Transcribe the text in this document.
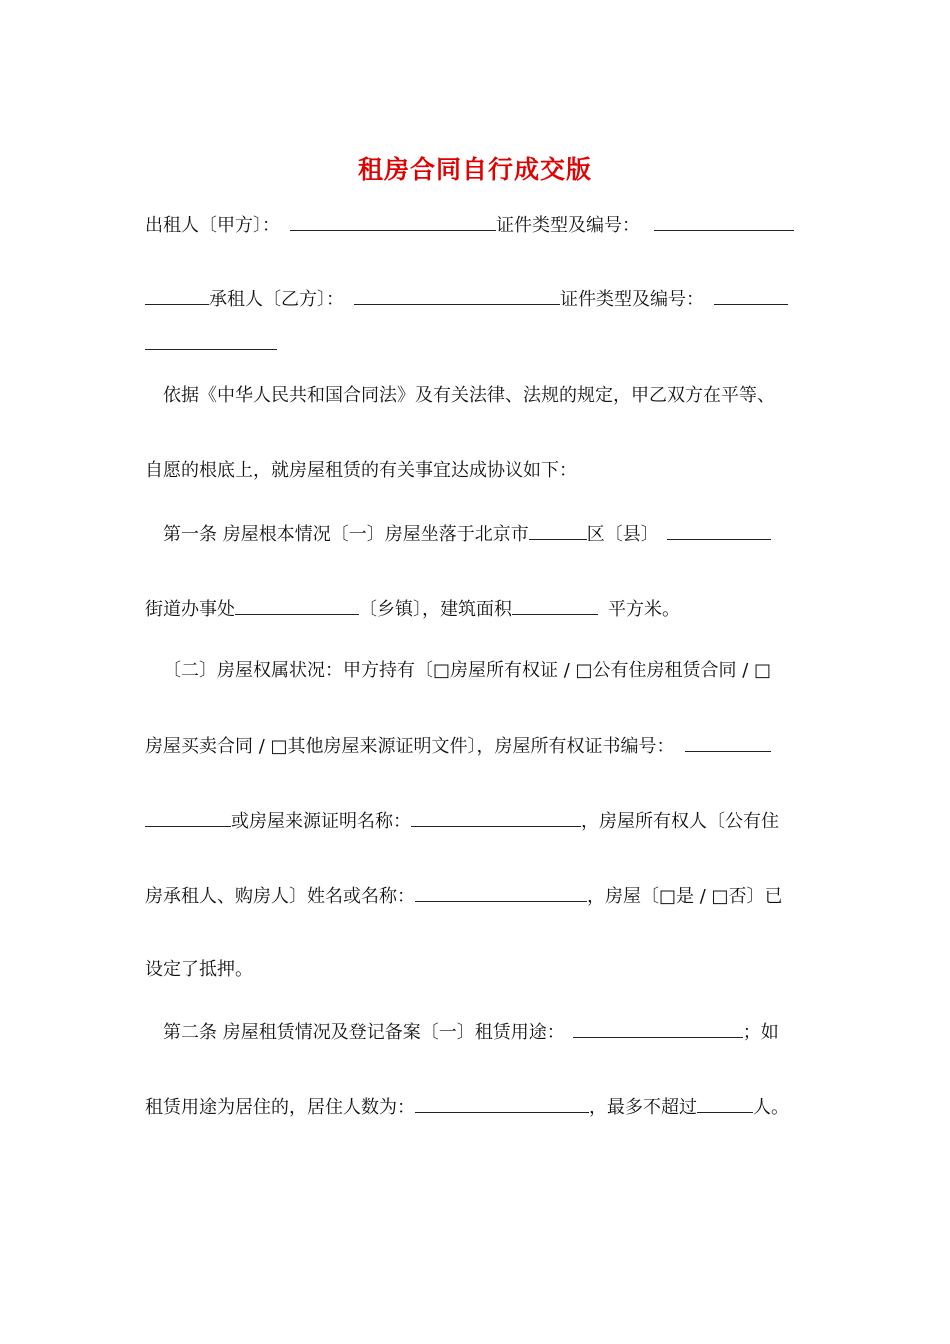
租房合同自行成交版
出租人〔甲方〕：	证件类型及编号：
承租人〔乙方〕：	证件类型及编号：
依据《中华人民共和国合同法》及有关法律、法规的规定，甲乙双方在平等、
自愿的根底上，就房屋租赁的有关事宜达成协议如下：
第一条 房屋根本情况〔一〕房屋坐落于北京市	区〔县〕
街道办事处	〔乡镇〕，建筑面积	平方米。
〔二〕房屋权属状况：甲方持有〔□房屋所有权证 / □公有住房租赁合同 / □
房屋买卖合同 / □其他房屋来源证明文件〕，房屋所有权证书编号：
或房屋来源证明名称：	，房屋所有权人〔公有住
房承租人、购房人〕姓名或名称：	，房屋〔□是 / □否〕已
设定了抵押。
第二条 房屋租赁情况及登记备案〔一〕租赁用途：	；如
租赁用途为居住的，居住人数为：	，最多不超过	人。
